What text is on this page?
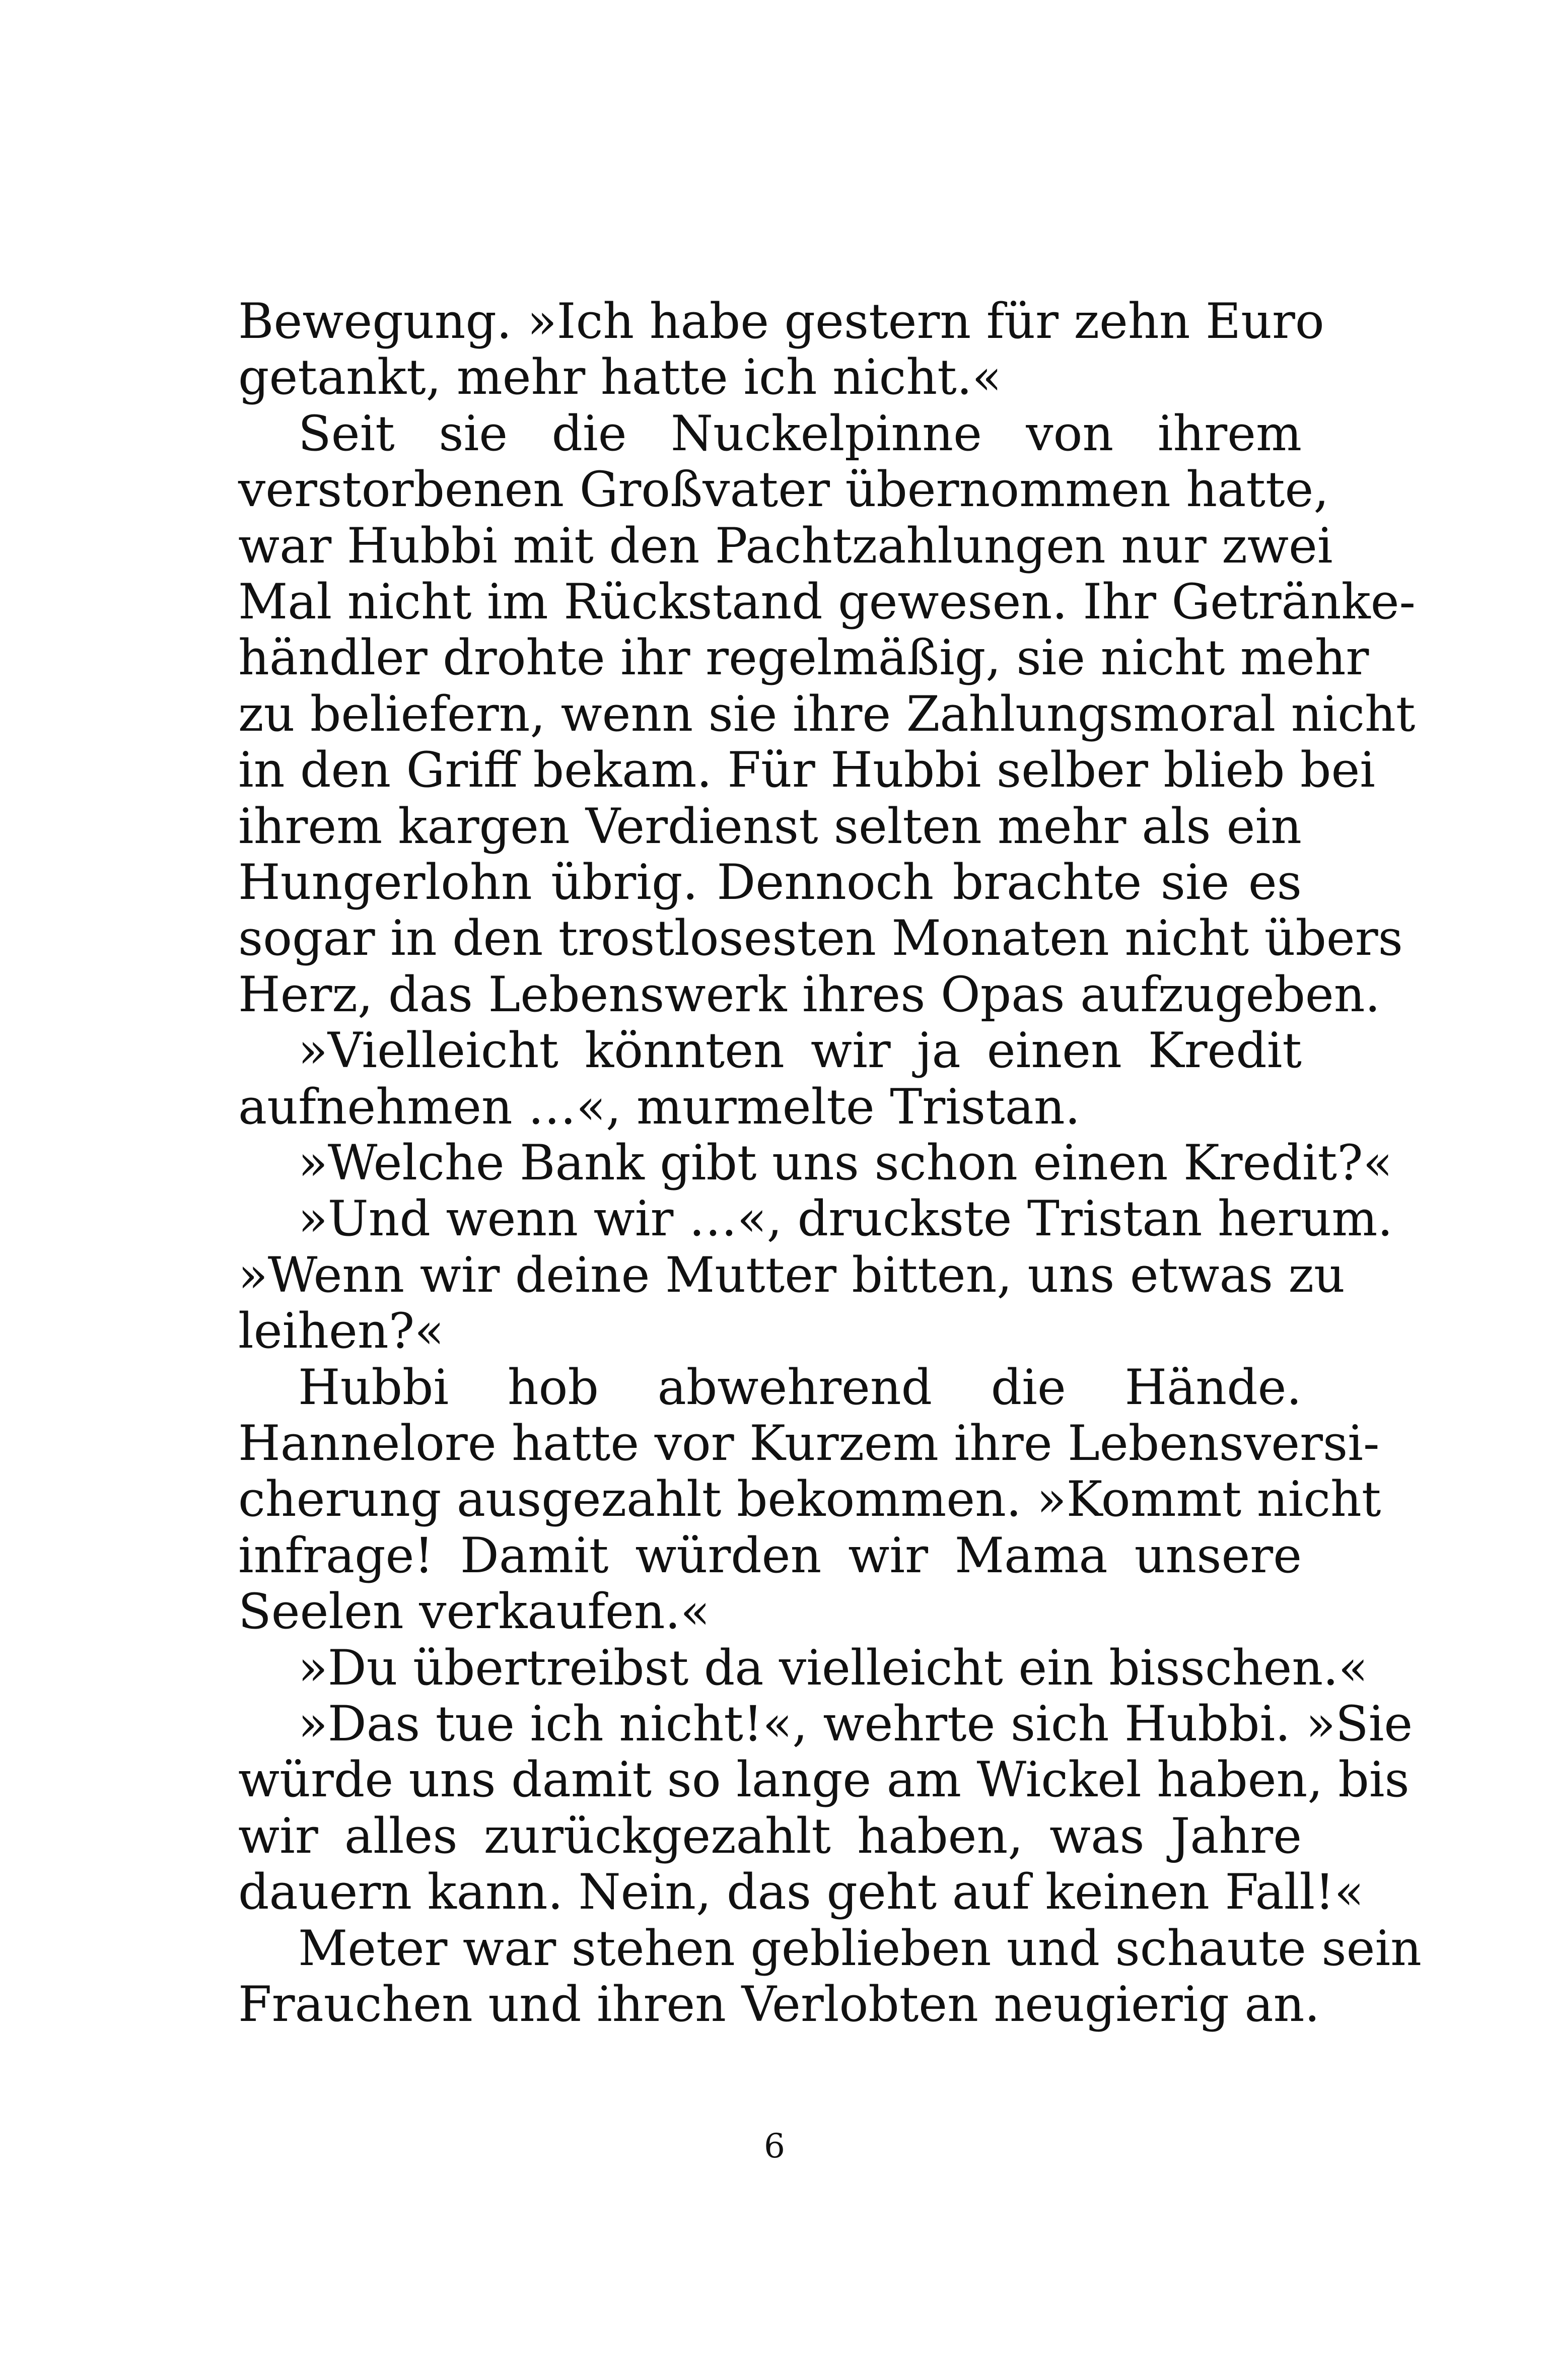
Bewegung. »Ich habe gestern für zehn Euro
getankt, mehr hatte ich nicht.«
Seit sie die Nuckelpinne von ihrem
verstorbenen Großvater übernommen hatte,
war Hubbi mit den Pachtzahlungen nur zwei
Mal nicht im Rückstand gewesen. Ihr Getränke-
händler drohte ihr regelmäßig, sie nicht mehr
zu beliefern, wenn sie ihre Zahlungsmoral nicht
in den Griff bekam. Für Hubbi selber blieb bei
ihrem kargen Verdienst selten mehr als ein
Hungerlohn übrig. Dennoch brachte sie es
sogar in den trostlosesten Monaten nicht übers
Herz, das Lebenswerk ihres Opas aufzugeben.
»Vielleicht könnten wir ja einen Kredit
aufnehmen …«, murmelte Tristan.
»Welche Bank gibt uns schon einen Kredit?«
»Und wenn wir …«, druckste Tristan herum.
»Wenn wir deine Mutter bitten, uns etwas zu
leihen?«
Hubbi hob abwehrend die Hände.
Hannelore hatte vor Kurzem ihre Lebensversi-
cherung ausgezahlt bekommen. »Kommt nicht
infrage! Damit würden wir Mama unsere
Seelen verkaufen.«
»Du übertreibst da vielleicht ein bisschen.«
»Das tue ich nicht!«, wehrte sich Hubbi. »Sie
würde uns damit so lange am Wickel haben, bis
wir alles zurückgezahlt haben, was Jahre
dauern kann. Nein, das geht auf keinen Fall!«
Meter war stehen geblieben und schaute sein
Frauchen und ihren Verlobten neugierig an.
6
